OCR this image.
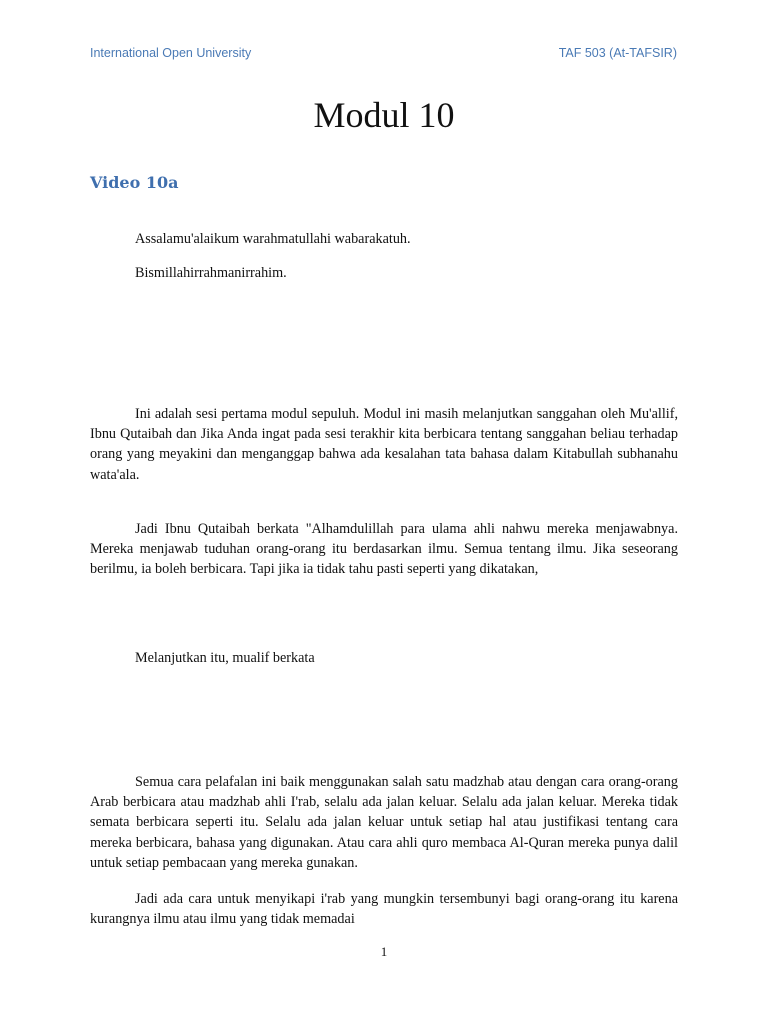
International Open University	TAF 503 (At-TAFSIR)
Modul 10
Video 10a

Assalamu'alaikum warahmatullahi wabarakatuh.

Bismillahirrahmanirrahim.

Ini adalah sesi pertama modul sepuluh. Modul ini masih melanjutkan sanggahan oleh Mu'allif, Ibnu Qutaibah dan Jika Anda ingat pada sesi terakhir kita berbicara tentang sanggahan beliau terhadap orang yang meyakini dan menganggap bahwa ada kesalahan tata bahasa dalam Kitabullah subhanahu wata'ala.

Jadi Ibnu Qutaibah berkata "Alhamdulillah para ulama ahli nahwu mereka menjawabnya. Mereka menjawab tuduhan orang-orang itu berdasarkan ilmu. Semua tentang ilmu. Jika seseorang berilmu, ia boleh berbicara. Tapi jika ia tidak tahu pasti seperti yang dikatakan,

Melanjutkan itu, mualif berkata

Semua cara pelafalan ini baik menggunakan salah satu madzhab atau dengan cara orang-orang Arab berbicara atau madzhab ahli I'rab, selalu ada jalan keluar. Selalu ada jalan keluar. Mereka tidak semata berbicara seperti itu. Selalu ada jalan keluar untuk setiap hal atau justifikasi tentang cara mereka berbicara, bahasa yang digunakan. Atau cara ahli quro membaca Al-Quran mereka punya dalil untuk setiap pembacaan yang mereka gunakan.

Jadi ada cara untuk menyikapi i'rab yang mungkin tersembunyi bagi orang-orang itu karena kurangnya ilmu atau ilmu yang tidak memadai

1
